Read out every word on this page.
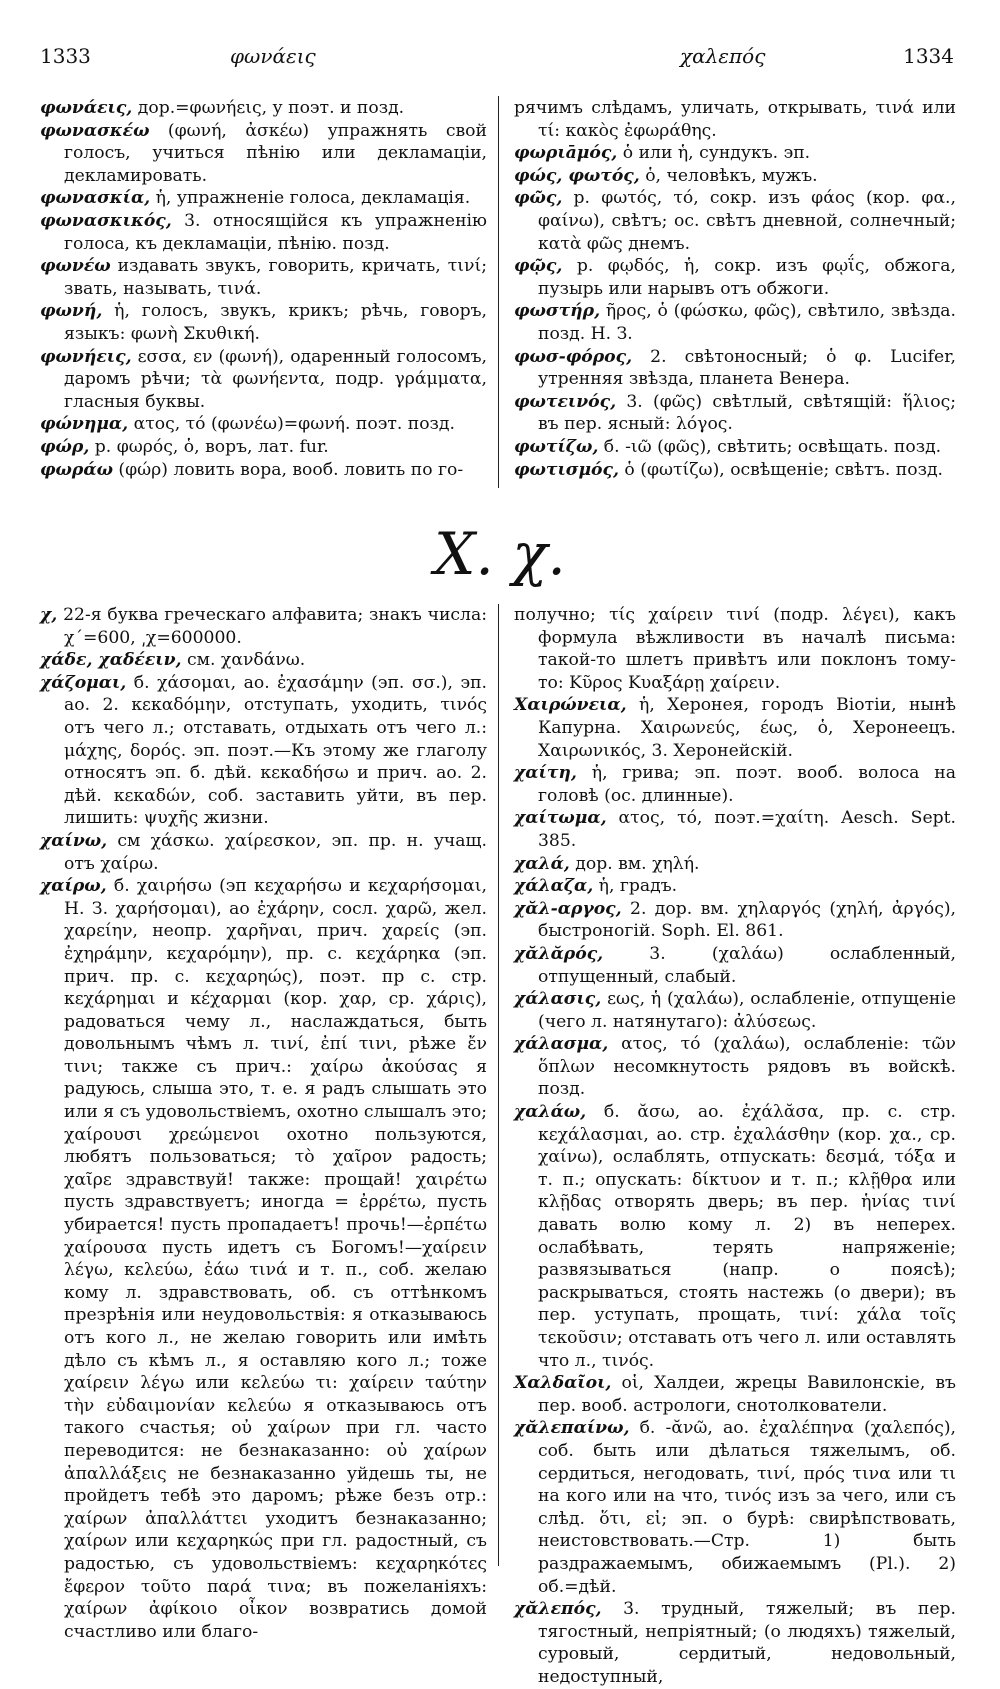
1333	φωνάεις	χαλεπός	1334

φωνάεις, дор.=φωνήεις, у поэт. и позд.

φωνασκέω (φωνή, ἀσκέω) упражнять свой голосъ, учиться пѣнію или декламаціи, декламировать.

φωνασκία, ἡ, упражненіе голоса, декламація.

φωνασκικός, 3. относящійся къ упражненію голоса, къ декламаціи, пѣнію. позд.

φωνέω издавать звукъ, говорить, кричать, τινί; звать, называть, τινά.

φωνή, ἡ, голосъ, звукъ, крикъ; рѣчь, говоръ, языкъ: φωνὴ Σκυθική.

φωνήεις, εσσα, εν (φωνή), одаренный голосомъ, даромъ рѣчи; τὰ φωνήεντα, подр. γράμματα, гласныя буквы.

φώνημα, ατος, τό (φωνέω)=φωνή. поэт. позд.

φώρ, р. φωρός, ὁ, воръ, лат. fur.

φωράω (φώρ) ловить вора, вооб. ловить по го-

рячимъ слѣдамъ, уличать, открывать, τινά или τί: κακὸς ἐφωράθης.

φωριāμός, ὁ или ἡ, сундукъ. эп.

φώς, φωτός, ὁ, человѣкъ, мужъ.

φῶς, р. φωτός, τό, сокр. изъ φάος (кор. φα., φαίνω), свѣтъ; ос. свѣтъ дневной, солнечный; κατὰ φῶς днемъ.

φῷς, р. φῳδός, ἡ, сокр. изъ φῳΐς, обжога, пузырь или нарывъ отъ обжоги.

φωστήρ, ῆρος, ὁ (φώσκω, φῶς), свѣтило, звѣзда. позд. Н. З.

φωσ-φόρος, 2. свѣтоносный; ὁ φ. Lucifer, утренняя звѣзда, планета Венера.

φωτεινός, 3. (φῶς) свѣтлый, свѣтящій: ἥλιος; въ пер. ясный: λόγος.

φωτίζω, б. -ιῶ (φῶς), свѣтить; освѣщать. позд.

φωτισμός, ὁ (φωτίζω), освѣщеніе; свѣтъ. позд.

X. χ.

χ, 22-я буква греческаго алфавита; знакъ числа: χ΄=600, ͵χ=600000.

χάδε, χαδέειν, см. χανδάνω.

χάζομαι, б. χάσομαι, ао. ἐχασάμην (эп. σσ.), эп. ао. 2. κεκαδόμην, отступать, уходить, τινός отъ чего л.; отставать, отдыхать отъ чего л.: μάχης, δορός. эп. поэт.—Къ этому же глаголу относятъ эп. б. дѣй. κεκαδήσω и прич. ао. 2. дѣй. κεκαδών, соб. заставить уйти, въ пер. лишить: ψυχῆς жизни.

χαίνω, см χάσκω. χαίρεσκον, эп. пр. н. учащ. отъ χαίρω.

χαίρω, б. χαιρήσω (эп κεχαρήσω и κεχαρήσομαι, Н. З. χαρήσομαι), ао ἐχάρην, сосл. χαρῶ, жел. χαρείην, неопр. χαρῆναι, прич. χαρείς (эп. ἐχηράμην, κεχαρόμην), пр. с. κεχάρηκα (эп. прич. пр. с. κεχαρηώς), поэт. пр с. стр. κεχάρημαι и κέχαρμαι (кор. χαρ, ср. χάρις), радоваться чему л., наслаждаться, быть довольнымъ чѣмъ л. τινί, ἐπί τινι, рѣже ἔν τινι; также съ прич.: χαίρω ἀκούσας я радуюсь, слыша это, т. е. я радъ слышать это или я съ удовольствіемъ, охотно слышалъ это; χαίρουσι χρεώμενοι охотно пользуются, любятъ пользоваться; τὸ χαῖρον радость; χαῖρε здравствуй! также: прощай! χαιρέτω пусть здравствуетъ; иногда = ἐρρέτω, пусть убирается! пусть пропадаетъ! прочь!—ἐρπέτω χαίρουσα пусть идетъ съ Богомъ!—χαίρειν λέγω, κελεύω, ἐάω τινά и т. п., соб. желаю кому л. здравствовать, об. съ оттѣнкомъ презрѣнія или неудовольствія: я отказываюсь отъ кого л., не желаю говорить или имѣть дѣло съ кѣмъ л., я оставляю кого л.; тоже χαίρειν λέγω или κελεύω τι: χαίρειν ταύτην τὴν εὐδαιμονίαν κελεύω я отказываюсь отъ такого счастья; οὐ χαίρων при гл. часто переводится: не безнаказанно: οὐ χαίρων ἀπαλλάξεις не безнаказанно уйдешь ты, не пройдетъ тебѣ это даромъ; рѣже безъ отр.: χαίρων ἀπαλλάττει уходитъ безнаказанно; χαίρων или κεχαρηκώς при гл. радостный, съ радостью, съ удовольствіемъ: κεχαρηκότες ἔφερον τοῦτο παρά τινα; въ пожеланіяхъ: χαίρων ἀφίκοιο οἶκον возвратись домой счастливо или благо-

получно; τίς χαίρειν τινί (подр. λέγει), какъ формула вѣжливости въ началѣ письма: такой-то шлетъ привѣтъ или поклонъ тому-то: Κῦρος Κυαξάρῃ χαίρειν.

Χαιρώνεια, ἡ, Херонея, городъ Віотіи, нынѣ Капурна. Χαιρωνεύς, έως, ὁ, Херонеецъ. Χαιρωνικός, 3. Херонейскій.

χαίτη, ἡ, грива; эп. поэт. вооб. волоса на головѣ (ос. длинные).

χαίτωμα, ατος, τό, поэт.=χαίτη. Aesch. Sept. 385.

χαλά, дор. вм. χηλή.

χάλαζα, ἡ, градъ.

χᾰλ-αργος, 2. дор. вм. χηλαργός (χηλή, ἀργός), быстроногій. Soph. El. 861.

χᾰλᾰρός, 3. (χαλάω) ослабленный, отпущенный, слабый.

χάλασις, εως, ἡ (χαλάω), ослабленіе, отпущеніе (чего л. натянутаго): ἀλύσεως.

χάλασμα, ατος, τό (χαλάω), ослабленіе: τῶν ὅπλων несомкнутость рядовъ въ войскѣ. позд.

χαλάω, б. ᾰσω, ао. ἐχάλᾰσα, пр. с. стр. κεχάλασμαι, ао. стр. ἐχαλάσθην (кор. χα., ср. χαίνω), ослаблять, отпускать: δεσμά, τόξα и т. п.; опускать: δίκτυον и т. п.; κλῇθρα или κλῇδας отворять дверь; въ пер. ἡνίας τινί давать волю кому л. 2) въ неперех. ослабѣвать, терять напряженіе; развязываться (напр. о поясѣ); раскрываться, стоять настежь (о двери); въ пер. уступать, прощать, τινί: χάλα τοῖς τεκοῦσιν; отставать отъ чего л. или оставлять что л., τινός.

Χαλδαῖοι, οἱ, Халдеи, жрецы Вавилонскіе, въ пер. вооб. астрологи, снотолкователи.

χᾰλεπαίνω, б. -ᾰνῶ, ао. ἐχαλέπηνα (χαλεπός), соб. быть или дѣлаться тяжелымъ, об. сердиться, негодовать, τινί, πρός τινα или τι на кого или на что, τινός изъ за чего, или съ слѣд. ὅτι, εἰ; эп. о бурѣ: свирѣпствовать, неистовствовать.—Стр. 1) быть раздражаемымъ, обижаемымъ (Pl.). 2) об.=дѣй.

χᾰλεπός, 3. трудный, тяжелый; въ пер. тягостный, непріятный; (о людяхъ) тяжелый, суровый, сердитый, недовольный, недоступный,
